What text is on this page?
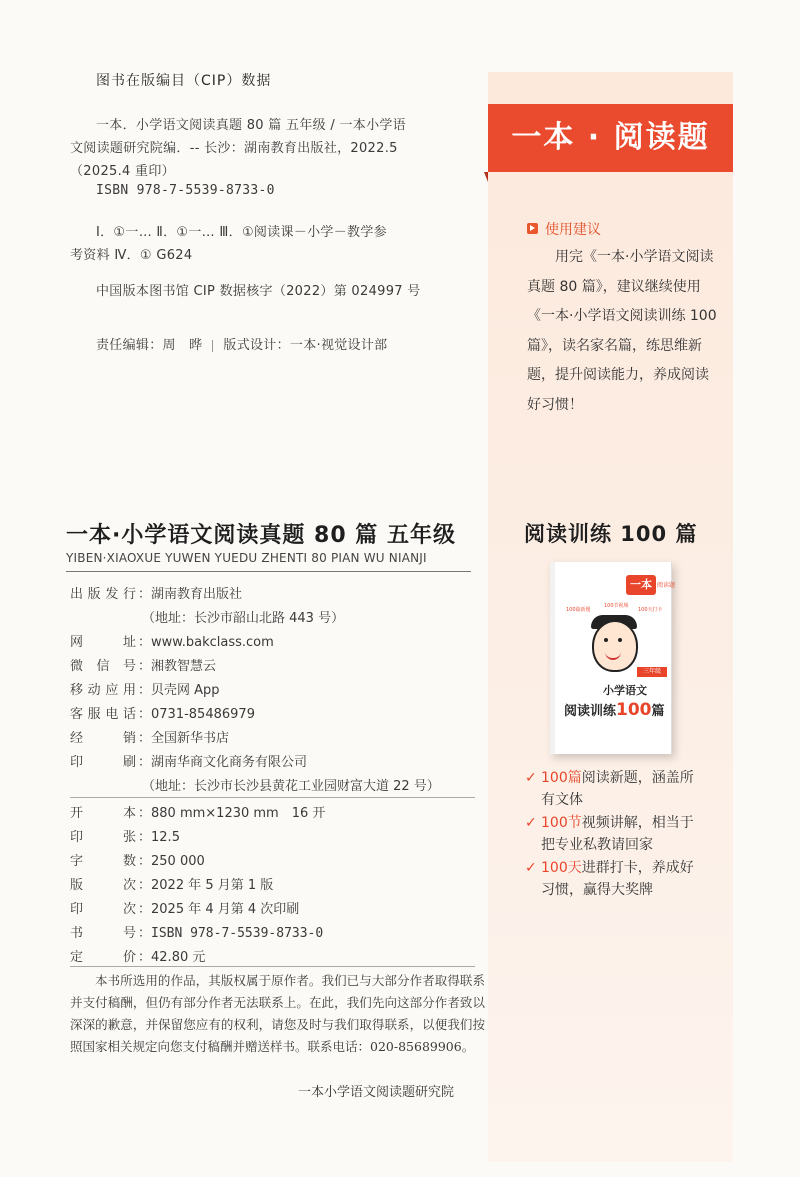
图书在版编目（CIP）数据
一本．小学语文阅读真题 80 篇 五年级 / 一本小学语
文阅读题研究院编．-- 长沙：湖南教育出版社，2022.5
（2025.4 重印）
ISBN 978-7-5539-8733-0
Ⅰ．①一… Ⅱ．①一… Ⅲ．①阅读课－小学－教学参
考资料 Ⅳ．① G624
中国版本图书馆 CIP 数据核字（2022）第 024997 号
责任编辑：周　晔 版式设计：一本·视觉设计部
一本·小学语文阅读真题 80 篇 五年级
YIBEN·XIAOXUE YUWEN YUEDU ZHENTI 80 PIAN WU NIANJI
出版发行 ：湖南教育出版社
（地址：长沙市韶山北路 443 号）
网　　址 ：www.bakclass.com
微 信 号 ：湘教智慧云
移动应用 ：贝壳网 App
客服电话 ：0731-85486979
经　　销 ：全国新华书店
印　　刷 ：湖南华商文化商务有限公司
（地址：长沙市长沙县黄花工业园财富大道 22 号）
开　　本 ：880 mm×1230 mm　16 开
印　　张 ：12.5
字　　数 ：250 000
版　　次 ：2022 年 5 月第 1 版
印　　次 ：2025 年 4 月第 4 次印刷
书　　号 ：ISBN 978-7-5539-8733-0
定　　价 ：42.80 元
本书所选用的作品，其版权属于原作者。我们已与大部分作者取得联系并支付稿酬，但仍有部分作者无法联系上。在此，我们先向这部分作者致以深深的歉意，并保留您应有的权利，请您及时与我们取得联系，以便我们按照国家相关规定向您支付稿酬并赠送样书。联系电话：020-85689906。
一本小学语文阅读题研究院
一本 · 阅读题
使用建议
用完《一本·小学语文阅读真题 80 篇》，建议继续使用《一本·小学语文阅读训练 100 篇》，读名家名篇，练思维新题，提升阅读能力，养成阅读好习惯！
阅读训练 100 篇
一本 阅读题
100篇新题
100节视频
100天打卡
三年级
小学语文
阅读训练100篇
✓ 100篇阅读新题，涵盖所
有文体
✓ 100节视频讲解，相当于
把专业私教请回家
✓ 100天进群打卡，养成好
习惯，赢得大奖牌
